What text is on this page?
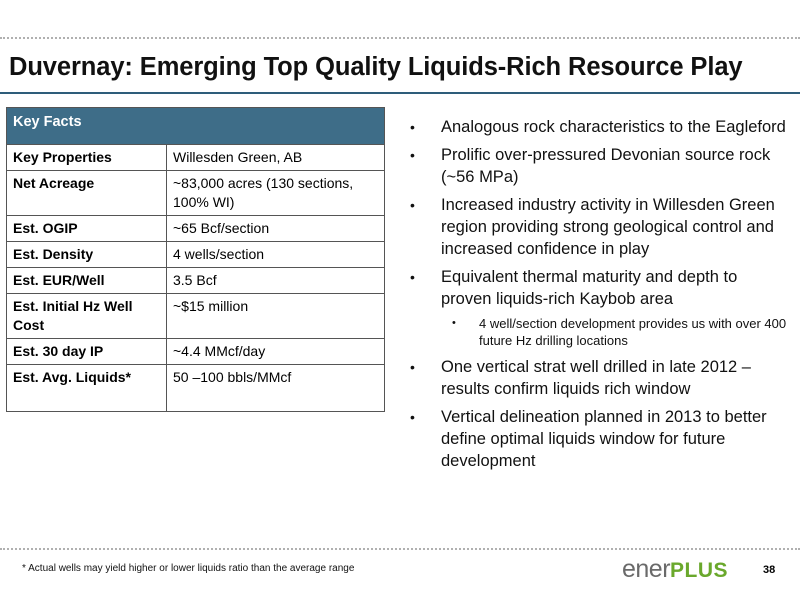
Duvernay: Emerging Top Quality Liquids-Rich Resource Play
Key Facts	
Key Properties	Willesden Green, AB
Net Acreage	~83,000 acres (130 sections, 100% WI)
Est. OGIP	~65 Bcf/section
Est. Density	4 wells/section
Est. EUR/Well	3.5 Bcf
Est. Initial Hz Well Cost	~$15 million
Est. 30 day IP	~4.4 MMcf/day
Est. Avg. Liquids*	50 –100 bbls/MMcf
• Analogous rock characteristics to the Eagleford
• Prolific over-pressured Devonian source rock (~56 MPa)
• Increased industry activity in Willesden Green region providing strong geological control and increased confidence in play
• Equivalent thermal maturity and depth to proven liquids-rich Kaybob area
• 4 well/section development provides us with over 400 future Hz drilling locations
• One vertical strat well drilled in late 2012 – results confirm liquids rich window
• Vertical delineation planned in 2013 to better define optimal liquids window for future development
* Actual wells may yield higher or lower liquids ratio than the average range	enerPLUS	38
